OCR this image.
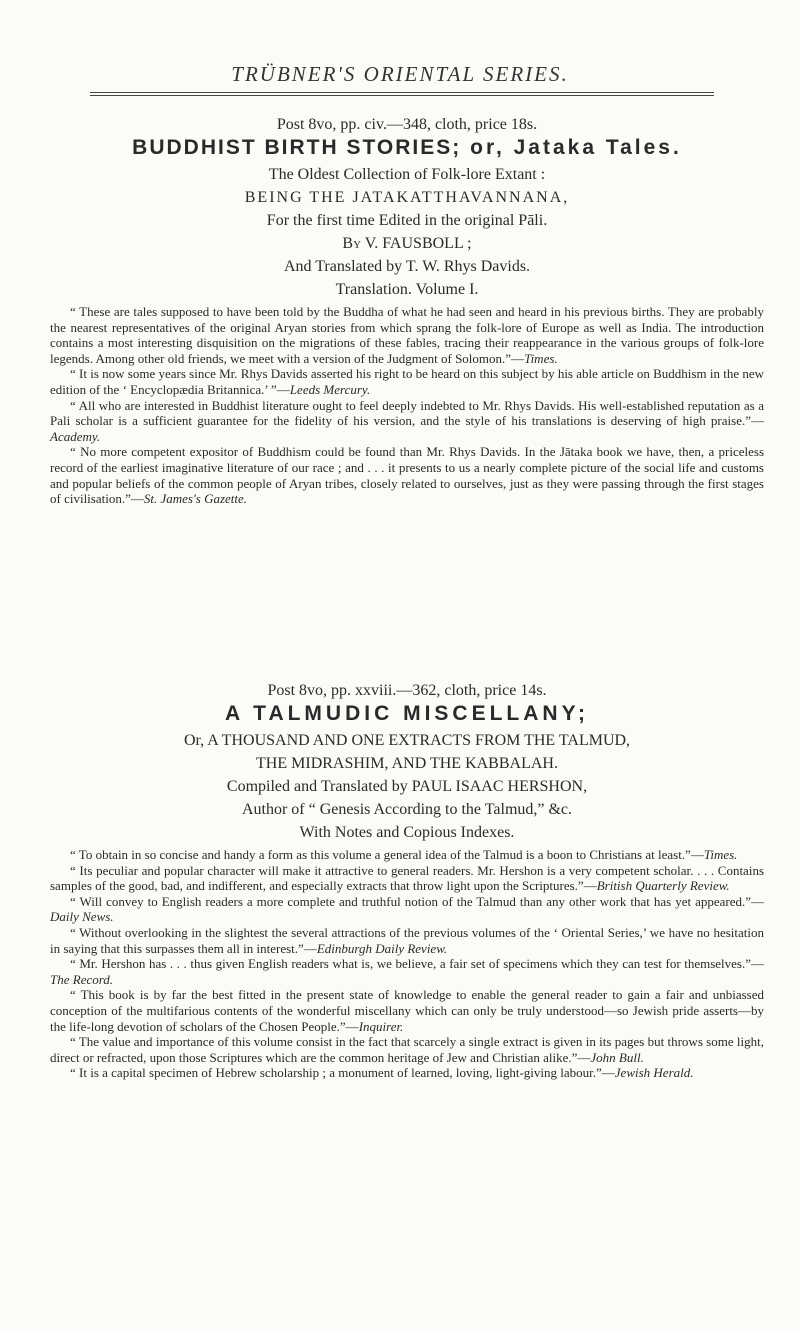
TRÜBNER'S ORIENTAL SERIES.
Post 8vo, pp. civ.—348, cloth, price 18s.
BUDDHIST BIRTH STORIES; or, Jataka Tales.
The Oldest Collection of Folk-lore Extant :
BEING THE JATAKATTHAVANNANA,
For the first time Edited in the original Pāli.
By V. FAUSBOLL ;
And Translated by T. W. Rhys Davids.
Translation. Volume I.

“ These are tales supposed to have been told by the Buddha of what he had seen and heard in his previous births. They are probably the nearest representatives of the original Aryan stories from which sprang the folk-lore of Europe as well as India. The introduction contains a most interesting disquisition on the migrations of these fables, tracing their reappearance in the various groups of folk-lore legends. Among other old friends, we meet with a version of the Judgment of Solomon.”—Times.

“ It is now some years since Mr. Rhys Davids asserted his right to be heard on this subject by his able article on Buddhism in the new edition of the ‘ Encyclopædia Britannica.’ ”—Leeds Mercury.

“ All who are interested in Buddhist literature ought to feel deeply indebted to Mr. Rhys Davids. His well-established reputation as a Pali scholar is a sufficient guarantee for the fidelity of his version, and the style of his translations is deserving of high praise.”—Academy.

“ No more competent expositor of Buddhism could be found than Mr. Rhys Davids. In the Jātaka book we have, then, a priceless record of the earliest imaginative literature of our race ; and . . . it presents to us a nearly complete picture of the social life and customs and popular beliefs of the common people of Aryan tribes, closely related to ourselves, just as they were passing through the first stages of civilisation.”—St. James's Gazette.

Post 8vo, pp. xxviii.—362, cloth, price 14s.
A TALMUDIC MISCELLANY;
Or, A THOUSAND AND ONE EXTRACTS FROM THE TALMUD,
THE MIDRASHIM, AND THE KABBALAH.
Compiled and Translated by PAUL ISAAC HERSHON,
Author of “ Genesis According to the Talmud,” &c.
With Notes and Copious Indexes.

“ To obtain in so concise and handy a form as this volume a general idea of the Talmud is a boon to Christians at least.”—Times.

“ Its peculiar and popular character will make it attractive to general readers. Mr. Hershon is a very competent scholar. . . . Contains samples of the good, bad, and indifferent, and especially extracts that throw light upon the Scriptures.”—British Quarterly Review.

“ Will convey to English readers a more complete and truthful notion of the Talmud than any other work that has yet appeared.”—Daily News.

“ Without overlooking in the slightest the several attractions of the previous volumes of the ‘ Oriental Series,’ we have no hesitation in saying that this surpasses them all in interest.”—Edinburgh Daily Review.

“ Mr. Hershon has . . . thus given English readers what is, we believe, a fair set of specimens which they can test for themselves.”—The Record.

“ This book is by far the best fitted in the present state of knowledge to enable the general reader to gain a fair and unbiassed conception of the multifarious contents of the wonderful miscellany which can only be truly understood—so Jewish pride asserts—by the life-long devotion of scholars of the Chosen People.”—Inquirer.

“ The value and importance of this volume consist in the fact that scarcely a single extract is given in its pages but throws some light, direct or refracted, upon those Scriptures which are the common heritage of Jew and Christian alike.”—John Bull.

“ It is a capital specimen of Hebrew scholarship ; a monument of learned, loving, light-giving labour.”—Jewish Herald.
